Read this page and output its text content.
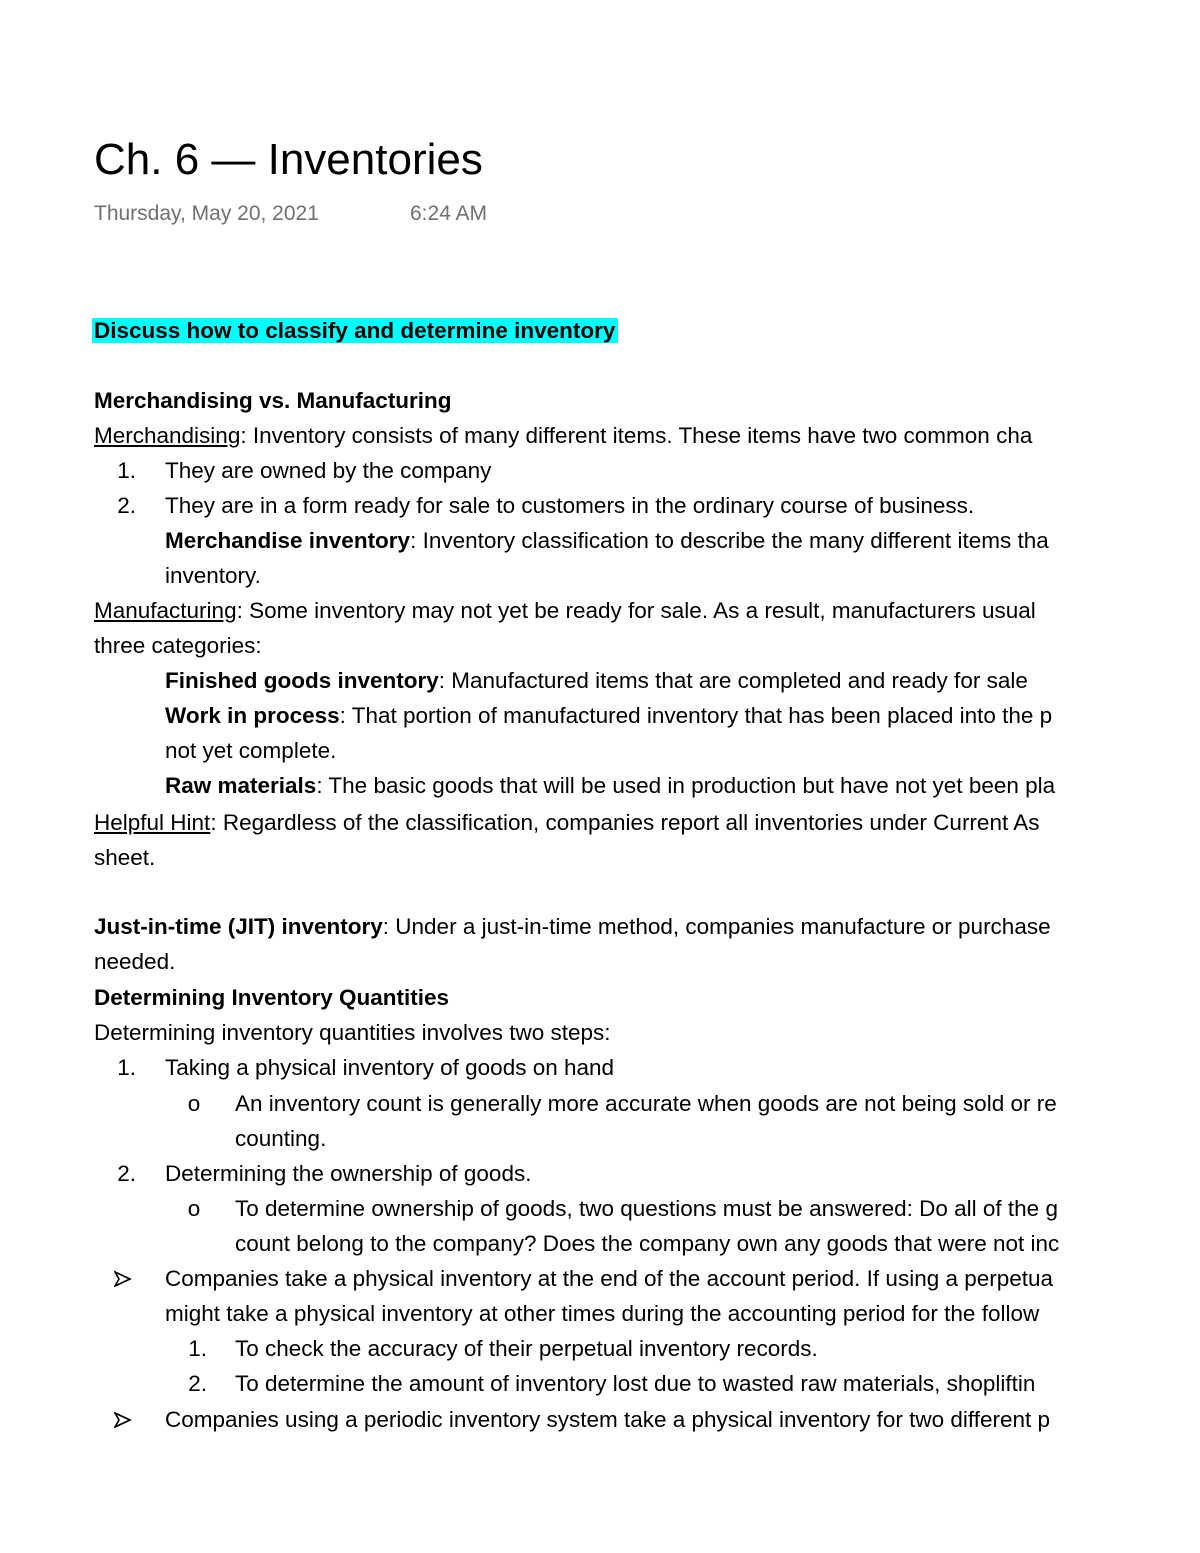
Ch. 6 — Inventories
Thursday, May 20, 2021	6:24 AM
Discuss how to classify and determine inventory
Merchandising vs. Manufacturing
Merchandising: Inventory consists of many different items. These items have two common cha
1. They are owned by the company
2. They are in a form ready for sale to customers in the ordinary course of business.
Merchandise inventory: Inventory classification to describe the many different items tha
inventory.
Manufacturing: Some inventory may not yet be ready for sale. As a result, manufacturers usual
three categories:
Finished goods inventory: Manufactured items that are completed and ready for sale
Work in process: That portion of manufactured inventory that has been placed into the p
not yet complete.
Raw materials: The basic goods that will be used in production but have not yet been pla
Helpful Hint: Regardless of the classification, companies report all inventories under Current As
sheet.
Just-in-time (JIT) inventory: Under a just-in-time method, companies manufacture or purchase
needed.
Determining Inventory Quantities
Determining inventory quantities involves two steps:
1. Taking a physical inventory of goods on hand
o	An inventory count is generally more accurate when goods are not being sold or re
counting.
2. Determining the ownership of goods.
o	To determine ownership of goods, two questions must be answered: Do all of the g
count belong to the company? Does the company own any goods that were not inc
Companies take a physical inventory at the end of the account period. If using a perpetua
might take a physical inventory at other times during the accounting period for the follow
1. To check the accuracy of their perpetual inventory records.
2. To determine the amount of inventory lost due to wasted raw materials, shopliftin
Companies using a periodic inventory system take a physical inventory for two different p
